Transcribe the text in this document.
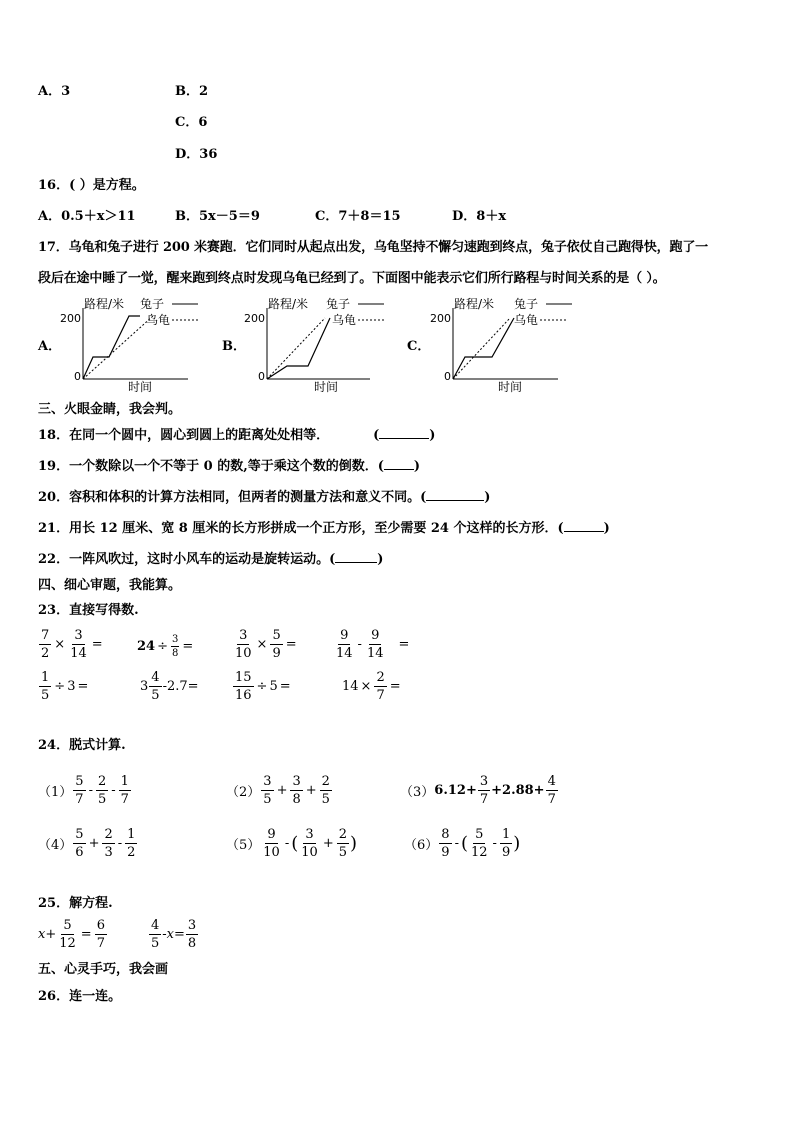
A．3	B．2
C．6
D．36
16．( ）是方程。
A．0.5＋x＞11	B．5x－5＝9	C．7＋8＝15	D．8＋x
17．乌龟和兔子进行 200 米赛跑．它们同时从起点出发，乌龟坚持不懈匀速跑到终点，兔子依仗自己跑得快，跑了一
段后在途中睡了一觉，醒来跑到终点时发现乌龟已经到了。下面图中能表示它们所行路程与时间关系的是（ ）。
A．	B．	C．
路程/米 兔子
乌龟
200
0
时间
路程/米 兔子
乌龟
200
0
时间
路程/米 兔子
乌龟
200
0
时间
三、火眼金睛，我会判。
18．在同一个圆中，圆心到圆上的距离处处相等．	(	)
19．一个数除以一个不等于 0 的数,等于乘这个数的倒数．( )
20．容积和体积的计算方法相同，但两者的测量方法和意义不同。(	)
21．用长 12 厘米、宽 8 厘米的长方形拼成一个正方形，至少需要 24 个这样的长方形．(	)
22．一阵风吹过，这时小风车的运动是旋转运动。(	)
四、细心审题，我能算。
23．直接写得数.
$\frac{7}{2} \times \frac{3}{14}$ =	$24 \div \frac{3}{8}$ =	$\frac{3}{10} \times \frac{5}{9}$ =	$\frac{9}{14} - \frac{9}{14}$ =
$\frac{1}{5} \div 3$ =	$3 \frac{4}{5} -2.7=$	$\frac{15}{16} \div 5$ =	$14 \times \frac{2}{7}$ =
24．脱式计算.
$(1) \frac{5}{7} - \frac{2}{5} - \frac{1}{7}$	$(2) \frac{3}{5} + \frac{3}{8} + \frac{2}{5}$	（3） $6.12+ \frac{3}{7} +2.88+ \frac{4}{7}$
$(4) \frac{5}{6} + \frac{2}{3} - \frac{1}{2}$	$(5) \frac{9}{10}$ - ( $\frac{3}{10} + \frac{2}{5}$ )	$(6) \frac{8}{9}$ - ( $\frac{5}{12} - \frac{1}{9}$ )
25．解方程.
$x+ \frac{5}{12} = \frac{6}{7}$	$\frac{4}{5} -x= \frac{3}{8}$
五、心灵手巧，我会画
26．连一连。
